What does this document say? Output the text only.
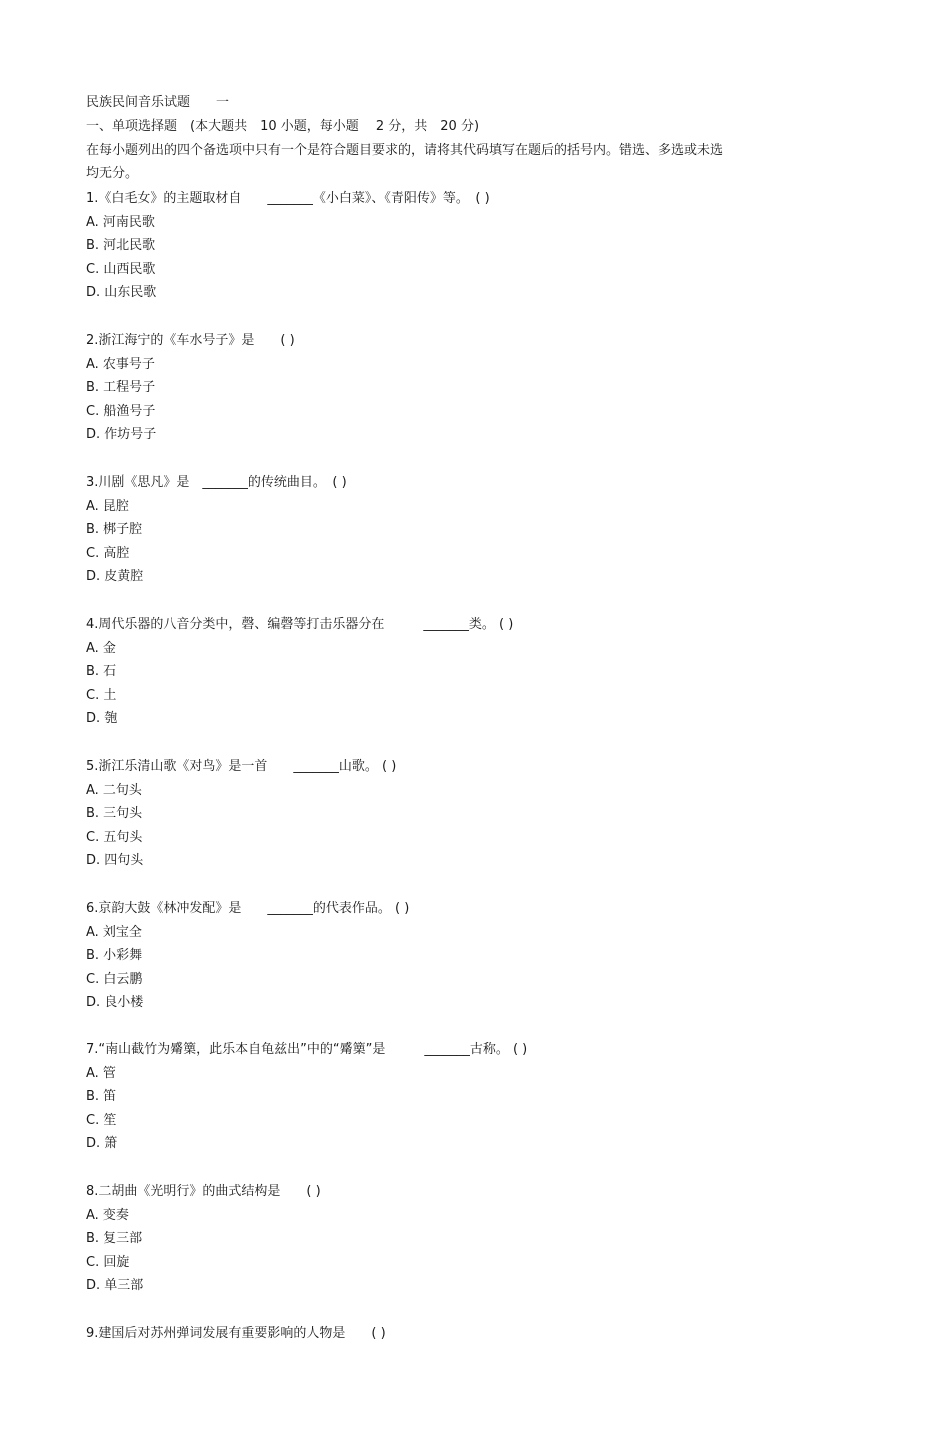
民族民间音乐试题　　一
一、单项选择题　(本大题共　10 小题，每小题　 2 分，共　20 分)
在每小题列出的四个备选项中只有一个是符合题目要求的，请将其代码填写在题后的括号内。错选、多选或未选
均无分。
1.《白毛女》的主题取材自　　_______《小白菜》、《青阳传》等。　( )
A. 河南民歌
B. 河北民歌
C. 山西民歌
D. 山东民歌
2.浙江海宁的《车水号子》是　　( )
A. 农事号子
B. 工程号子
C. 船渔号子
D. 作坊号子
3.川剧《思凡》是　_______的传统曲目。　( )
A. 昆腔
B. 梆子腔
C. 高腔
D. 皮黄腔
4.周代乐器的八音分类中，磬、编磬等打击乐器分在　　　_______类。 ( )
A. 金
B. 石
C. 土
D. 匏
5.浙江乐清山歌《对鸟》是一首　　_______山歌。 ( )
A. 二句头
B. 三句头
C. 五句头
D. 四句头
6.京韵大鼓《林冲发配》是　　_______的代表作品。 ( )
A. 刘宝全
B. 小彩舞
C. 白云鹏
D. 良小楼
7.“南山截竹为觱篥，此乐本自龟兹出”中的“觱篥”是　　　_______古称。 ( )
A. 管
B. 笛
C. 笙
D. 箫
8.二胡曲《光明行》的曲式结构是　　( )
A. 变奏
B. 复三部
C. 回旋
D. 单三部
9.建国后对苏州弹词发展有重要影响的人物是　　( )
